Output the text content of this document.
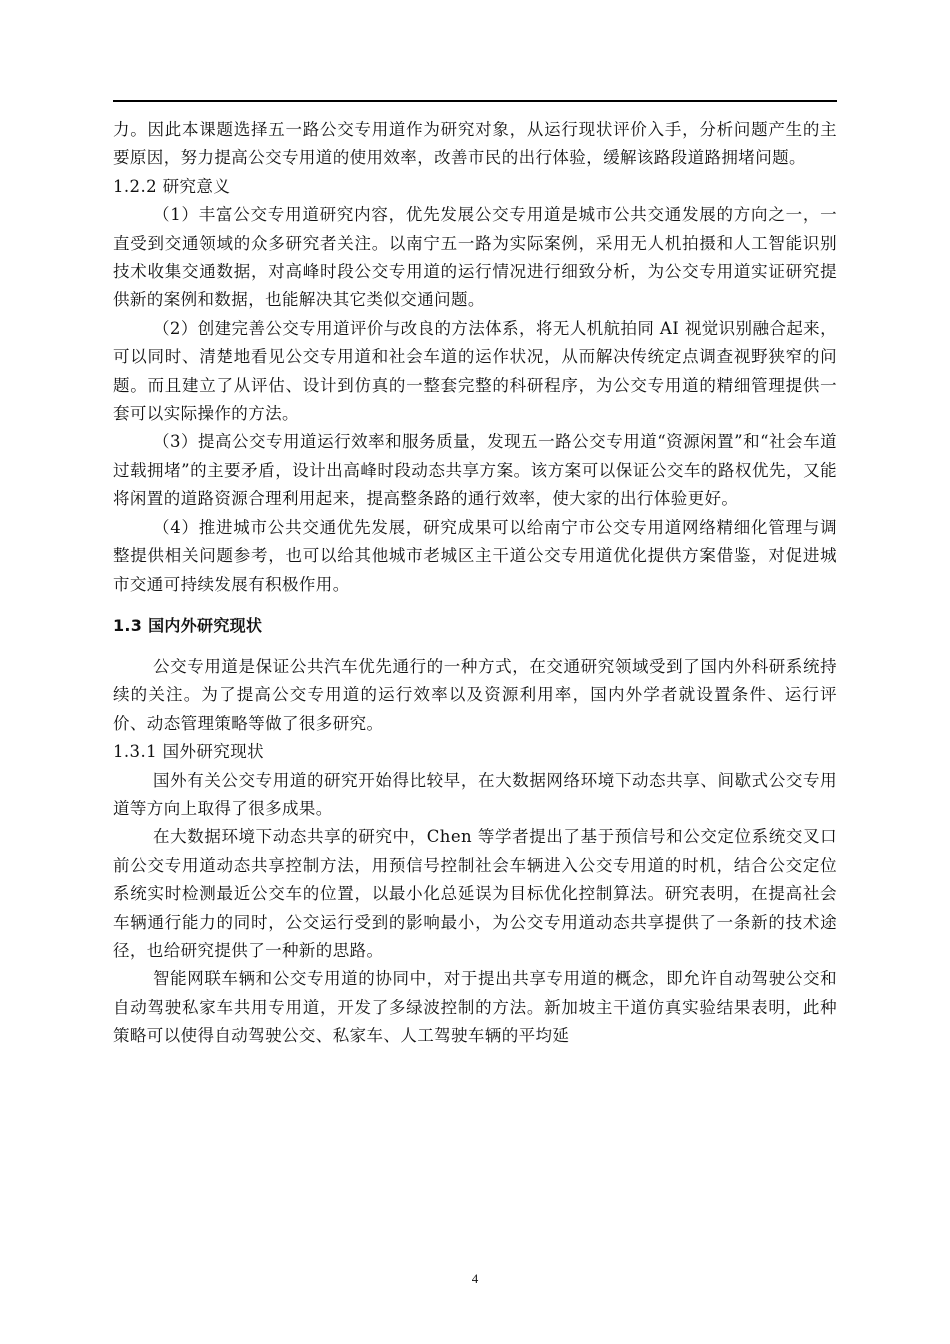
力。因此本课题选择五一路公交专用道作为研究对象，从运行现状评价入手，分析问题产生的主要原因，努力提高公交专用道的使用效率，改善市民的出行体验，缓解该路段道路拥堵问题。

1.2.2 研究意义

（1）丰富公交专用道研究内容，优先发展公交专用道是城市公共交通发展的方向之一，一直受到交通领域的众多研究者关注。以南宁五一路为实际案例，采用无人机拍摄和人工智能识别技术收集交通数据，对高峰时段公交专用道的运行情况进行细致分析，为公交专用道实证研究提供新的案例和数据，也能解决其它类似交通问题。

（2）创建完善公交专用道评价与改良的方法体系，将无人机航拍同 AI 视觉识别融合起来，可以同时、清楚地看见公交专用道和社会车道的运作状况，从而解决传统定点调查视野狭窄的问题。而且建立了从评估、设计到仿真的一整套完整的科研程序，为公交专用道的精细管理提供一套可以实际操作的方法。

（3）提高公交专用道运行效率和服务质量，发现五一路公交专用道“资源闲置”和“社会车道过载拥堵”的主要矛盾，设计出高峰时段动态共享方案。该方案可以保证公交车的路权优先，又能将闲置的道路资源合理利用起来，提高整条路的通行效率，使大家的出行体验更好。

（4）推进城市公共交通优先发展，研究成果可以给南宁市公交专用道网络精细化管理与调整提供相关问题参考，也可以给其他城市老城区主干道公交专用道优化提供方案借鉴，对促进城市交通可持续发展有积极作用。

1.3 国内外研究现状

公交专用道是保证公共汽车优先通行的一种方式，在交通研究领域受到了国内外科研系统持续的关注。为了提高公交专用道的运行效率以及资源利用率，国内外学者就设置条件、运行评价、动态管理策略等做了很多研究。

1.3.1 国外研究现状

国外有关公交专用道的研究开始得比较早，在大数据网络环境下动态共享、间歇式公交专用道等方向上取得了很多成果。

在大数据环境下动态共享的研究中，Chen 等学者提出了基于预信号和公交定位系统交叉口前公交专用道动态共享控制方法，用预信号控制社会车辆进入公交专用道的时机，结合公交定位系统实时检测最近公交车的位置，以最小化总延误为目标优化控制算法。研究表明，在提高社会车辆通行能力的同时，公交运行受到的影响最小，为公交专用道动态共享提供了一条新的技术途径，也给研究提供了一种新的思路。

智能网联车辆和公交专用道的协同中，对于提出共享专用道的概念，即允许自动驾驶公交和自动驾驶私家车共用专用道，开发了多绿波控制的方法。新加坡主干道仿真实验结果表明，此种策略可以使得自动驾驶公交、私家车、人工驾驶车辆的平均延

4
